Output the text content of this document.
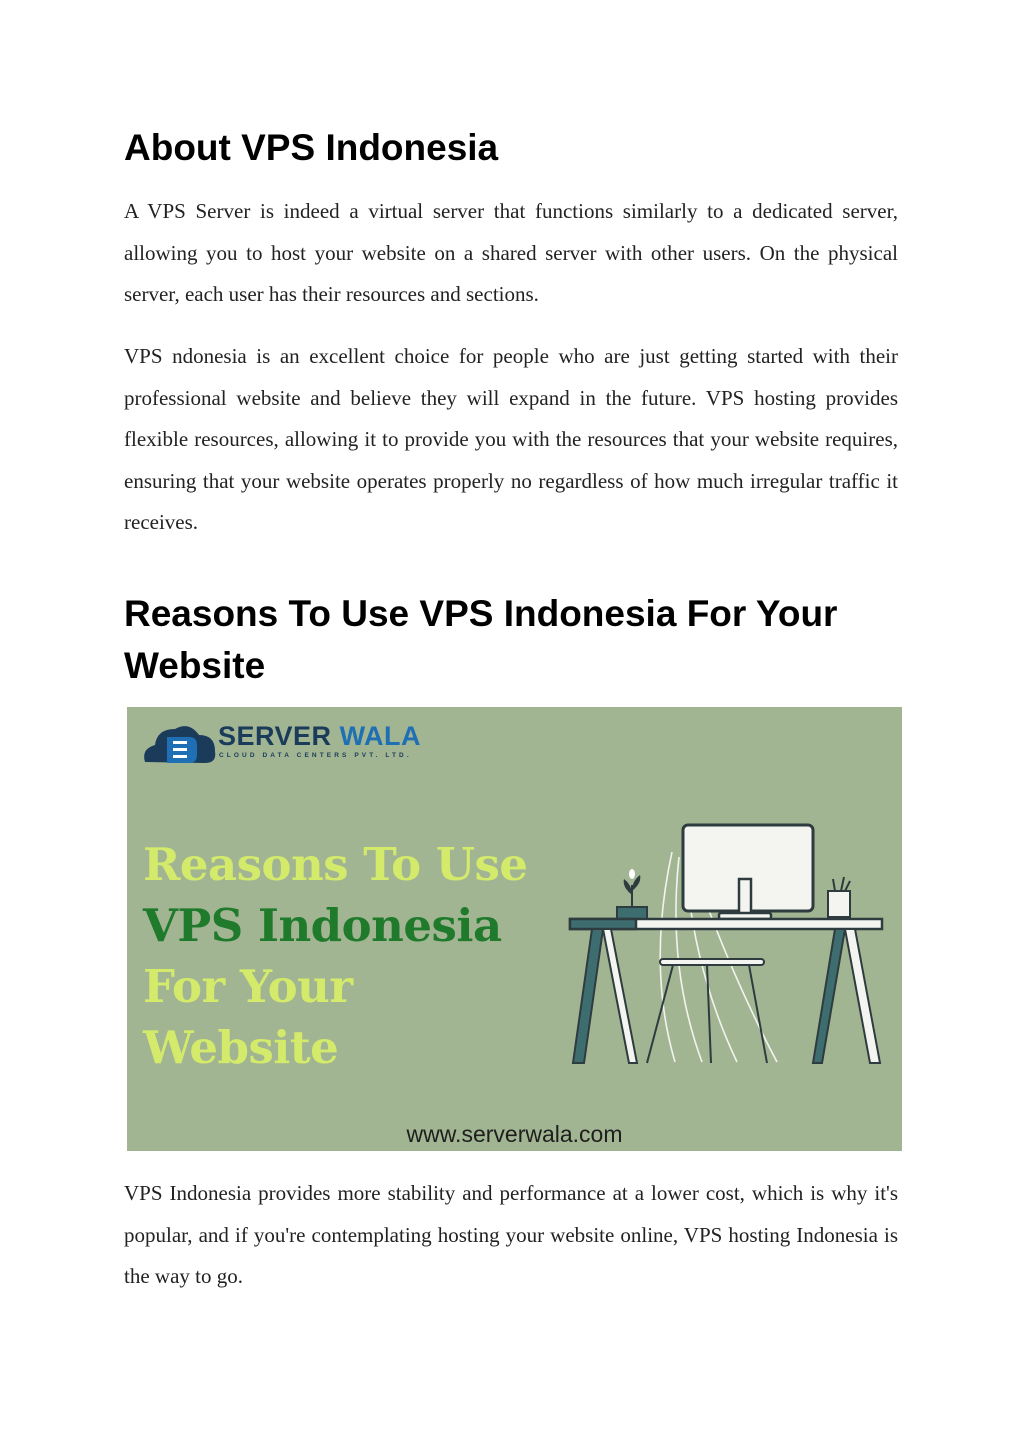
About VPS Indonesia

A VPS Server is indeed a virtual server that functions similarly to a dedicated server, allowing you to host your website on a shared server with other users. On the physical server, each user has their resources and sections.

VPS ndonesia is an excellent choice for people who are just getting started with their professional website and believe they will expand in the future. VPS hosting provides flexible resources, allowing it to provide you with the resources that your website requires, ensuring that your website operates properly no regardless of how much irregular traffic it receives.

Reasons To Use VPS Indonesia For Your Website
SERVER WALA
CLOUD DATA CENTERS PVT. LTD.
Reasons To Use
VPS Indonesia
For Your
Website
www.serverwala.com

VPS Indonesia provides more stability and performance at a lower cost, which is why it's popular, and if you're contemplating hosting your website online, VPS hosting Indonesia is the way to go.
